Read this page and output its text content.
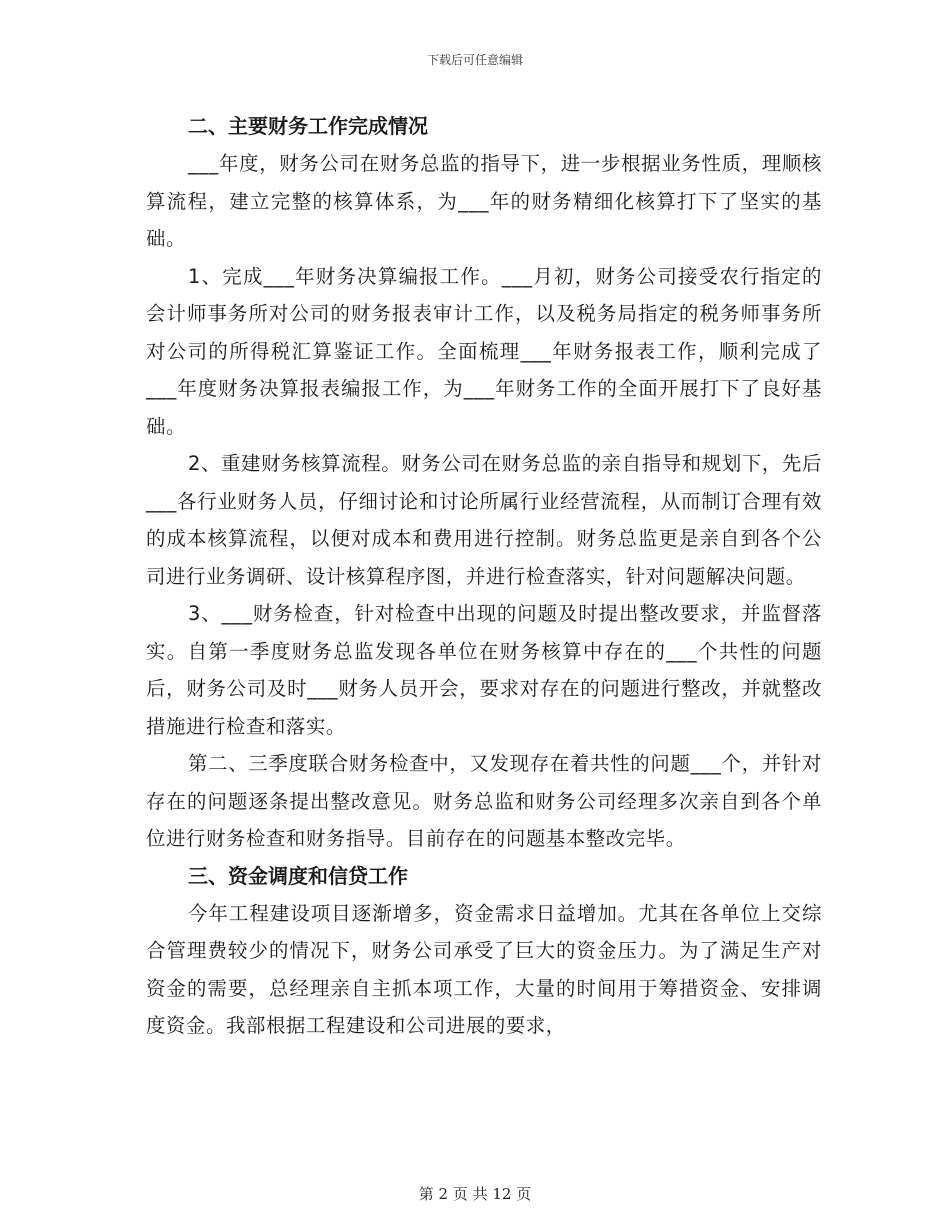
下载后可任意编辑
二、主要财务工作完成情况

___年度，财务公司在财务总监的指导下，进一步根据业务性质，理顺核算流程，建立完整的核算体系，为___年的财务精细化核算打下了坚实的基础。

1、完成___年财务决算编报工作。___月初，财务公司接受农行指定的会计师事务所对公司的财务报表审计工作，以及税务局指定的税务师事务所对公司的所得税汇算鉴证工作。全面梳理___年财务报表工作，顺利完成了___年度财务决算报表编报工作，为___年财务工作的全面开展打下了良好基础。

2、重建财务核算流程。财务公司在财务总监的亲自指导和规划下，先后___各行业财务人员，仔细讨论和讨论所属行业经营流程，从而制订合理有效的成本核算流程，以便对成本和费用进行控制。财务总监更是亲自到各个公司进行业务调研、设计核算程序图，并进行检查落实，针对问题解决问题。

3、___财务检查，针对检查中出现的问题及时提出整改要求，并监督落实。自第一季度财务总监发现各单位在财务核算中存在的___个共性的问题后，财务公司及时___财务人员开会，要求对存在的问题进行整改，并就整改措施进行检查和落实。

第二、三季度联合财务检查中，又发现存在着共性的问题___个，并针对存在的问题逐条提出整改意见。财务总监和财务公司经理多次亲自到各个单位进行财务检查和财务指导。目前存在的问题基本整改完毕。

三、资金调度和信贷工作

今年工程建设项目逐渐增多，资金需求日益增加。尤其在各单位上交综合管理费较少的情况下，财务公司承受了巨大的资金压力。为了满足生产对资金的需要，总经理亲自主抓本项工作，大量的时间用于筹措资金、安排调度资金。我部根据工程建设和公司进展的要求，

第 2 页 共 12 页
